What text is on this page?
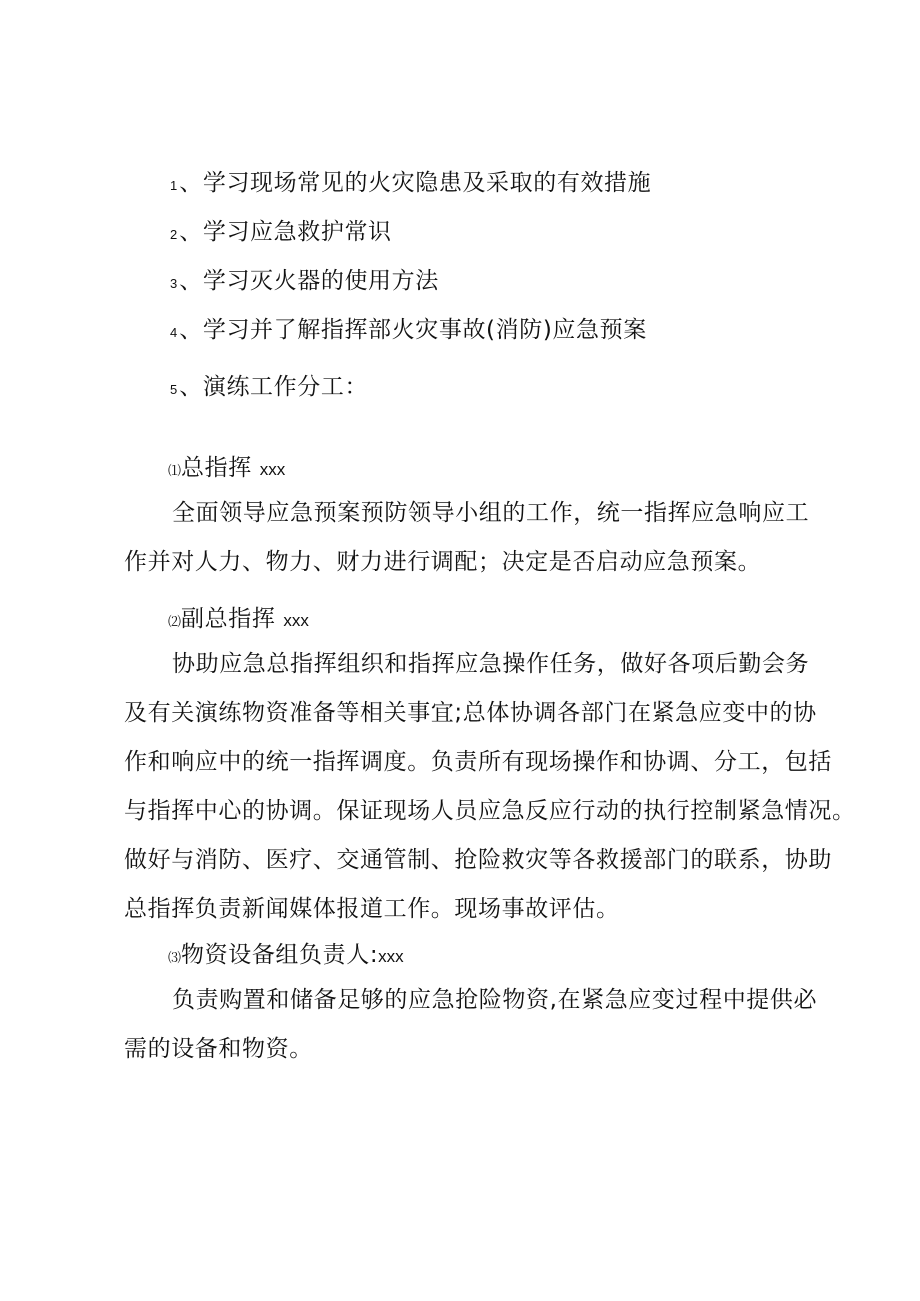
1、学习现场常见的火灾隐患及采取的有效措施
2、学习应急救护常识
3、学习灭火器的使用方法
4、学习并了解指挥部火灾事故(消防)应急预案
5、演练工作分工：
⑴总指挥 xxx
全面领导应急预案预防领导小组的工作，统一指挥应急响应工
作并对人力、物力、财力进行调配；决定是否启动应急预案。
⑵副总指挥 xxx
协助应急总指挥组织和指挥应急操作任务，做好各项后勤会务
及有关演练物资准备等相关事宜;总体协调各部门在紧急应变中的协
作和响应中的统一指挥调度。负责所有现场操作和协调、分工，包括
与指挥中心的协调。保证现场人员应急反应行动的执行控制紧急情况。
做好与消防、医疗、交通管制、抢险救灾等各救援部门的联系，协助
总指挥负责新闻媒体报道工作。现场事故评估。
⑶物资设备组负责人:xxx
负责购置和储备足够的应急抢险物资,在紧急应变过程中提供必
需的设备和物资。
